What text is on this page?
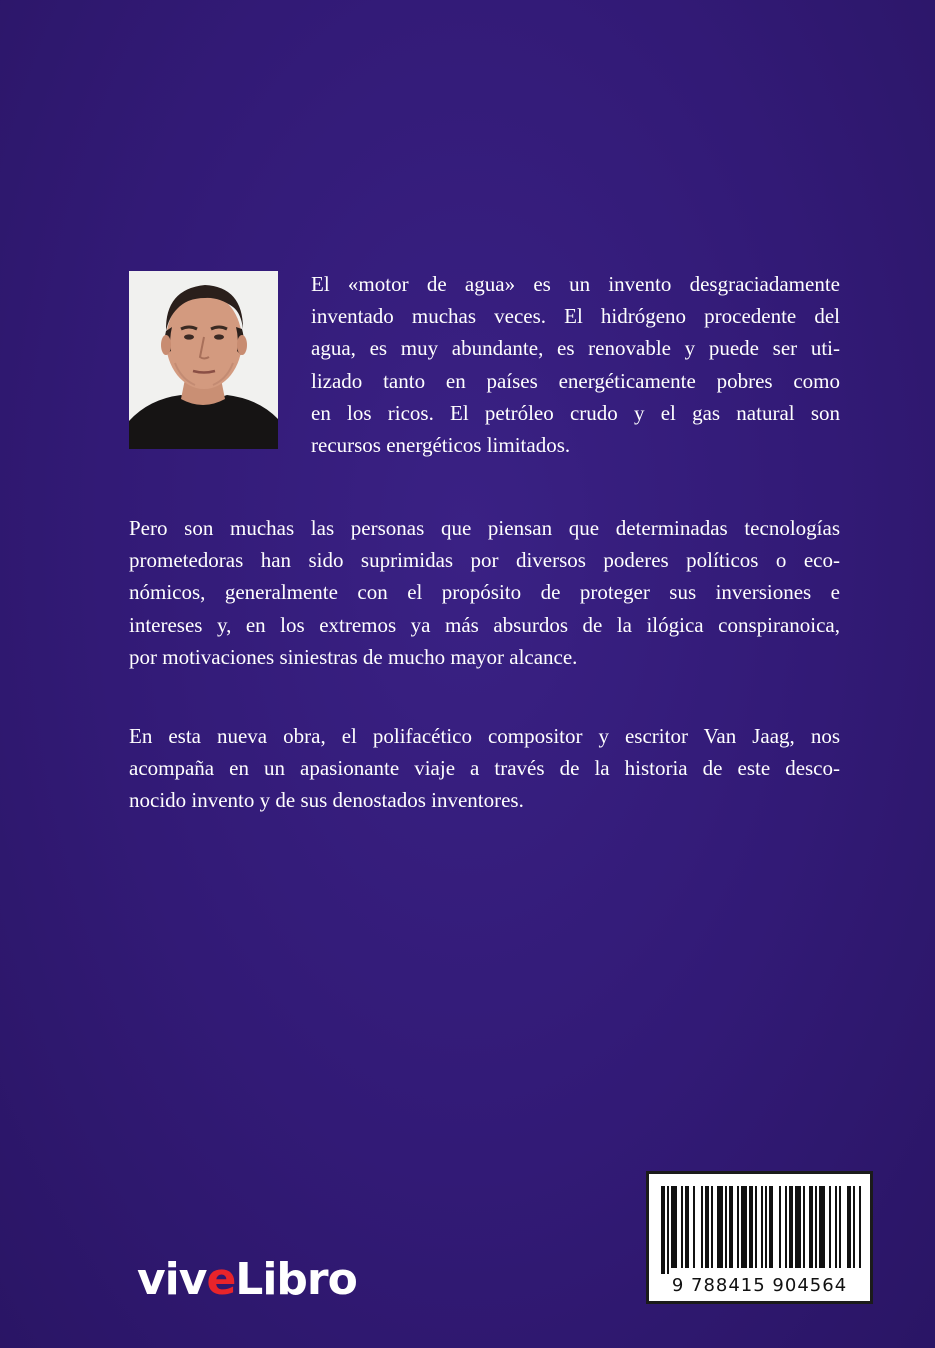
El «motor de agua» es un invento desgraciadamente
inventado muchas veces. El hidrógeno procedente del
agua, es muy abundante, es renovable y puede ser uti-
lizado tanto en países energéticamente pobres como
en los ricos. El petróleo crudo y el gas natural son
recursos energéticos limitados.
Pero son muchas las personas que piensan que determinadas tecnologías
prometedoras han sido suprimidas por diversos poderes políticos o eco-
nómicos, generalmente con el propósito de proteger sus inversiones e
intereses y, en los extremos ya más absurdos de la ilógica conspiranoica,
por motivaciones siniestras de mucho mayor alcance.
En esta nueva obra, el polifacético compositor y escritor Van Jaag, nos
acompaña en un apasionante viaje a través de la historia de este desco-
nocido invento y de sus denostados inventores.
viveLibro	9 788415 904564
